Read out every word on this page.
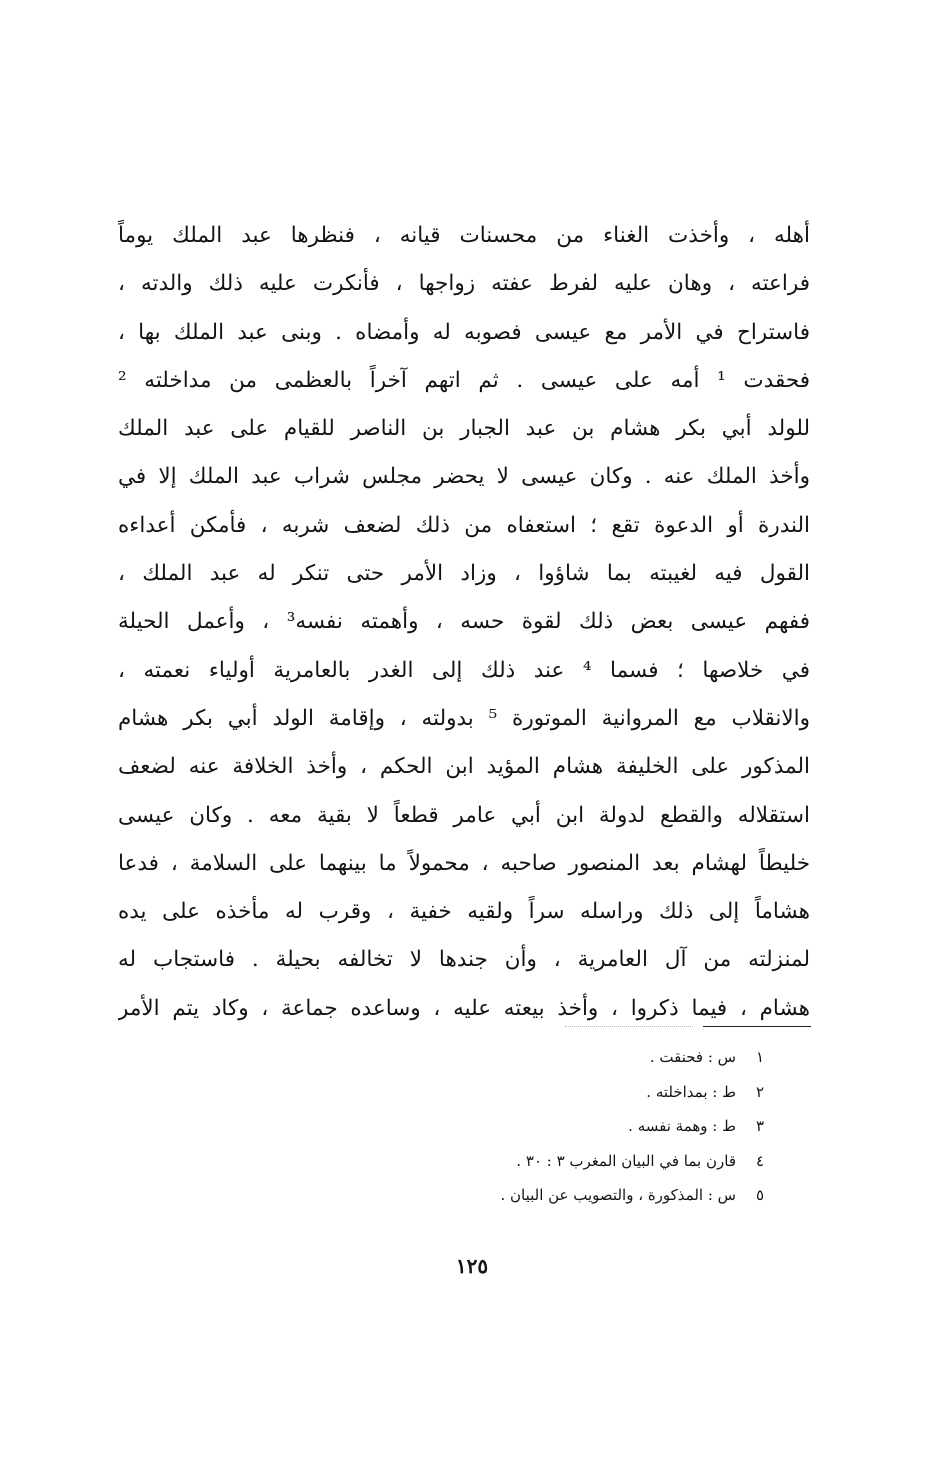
أهله ، وأخذت الغناء من محسنات قيانه ، فنظرها عبد الملك يوماً
فراعته ، وهان عليه لفرط عفته زواجها ، فأنكرت عليه ذلك والدته ،
فاستراح في الأمر مع عيسى فصوبه له وأمضاه . وبنى عبد الملك بها ،
فحقدت ¹ أمه على عيسى . ثم اتهم آخراً بالعظمى من مداخلته ²
للولد أبي بكر هشام بن عبد الجبار بن الناصر للقيام على عبد الملك
وأخذ الملك عنه . وكان عيسى لا يحضر مجلس شراب عبد الملك إلا في
الندرة أو الدعوة تقع ؛ استعفاه من ذلك لضعف شربه ، فأمكن أعداءه
القول فيه لغيبته بما شاؤوا ، وزاد الأمر حتى تنكر له عبد الملك ،
ففهم عيسى بعض ذلك لقوة حسه ، وأهمته نفسه³ ، وأعمل الحيلة
في خلاصها ؛ فسما ⁴ عند ذلك إلى الغدر بالعامرية أولياء نعمته ،
والانقلاب مع المروانية الموتورة ⁵ بدولته ، وإقامة الولد أبي بكر هشام
المذكور على الخليفة هشام المؤيد ابن الحكم ، وأخذ الخلافة عنه لضعف
استقلاله والقطع لدولة ابن أبي عامر قطعاً لا بقية معه . وكان عيسى
خليطاً لهشام بعد المنصور صاحبه ، محمولاً ما بينهما على السلامة ، فدعا
هشاماً إلى ذلك وراسله سراً ولقيه خفية ، وقرب له مأخذه على يده
لمنزلته من آل العامرية ، وأن جندها لا تخالفه بحيلة . فاستجاب له
هشام ، فيما ذكروا ، وأخذ بيعته عليه ، وساعده جماعة ، وكاد يتم الأمر
١س : فحنقت .
٢ط : بمداخلته .
٣ط : وهمة نفسه .
٤قارن بما في البيان المغرب ٣ : ٣٠ .
٥س : المذكورة ، والتصويب عن البيان .
١٢٥
